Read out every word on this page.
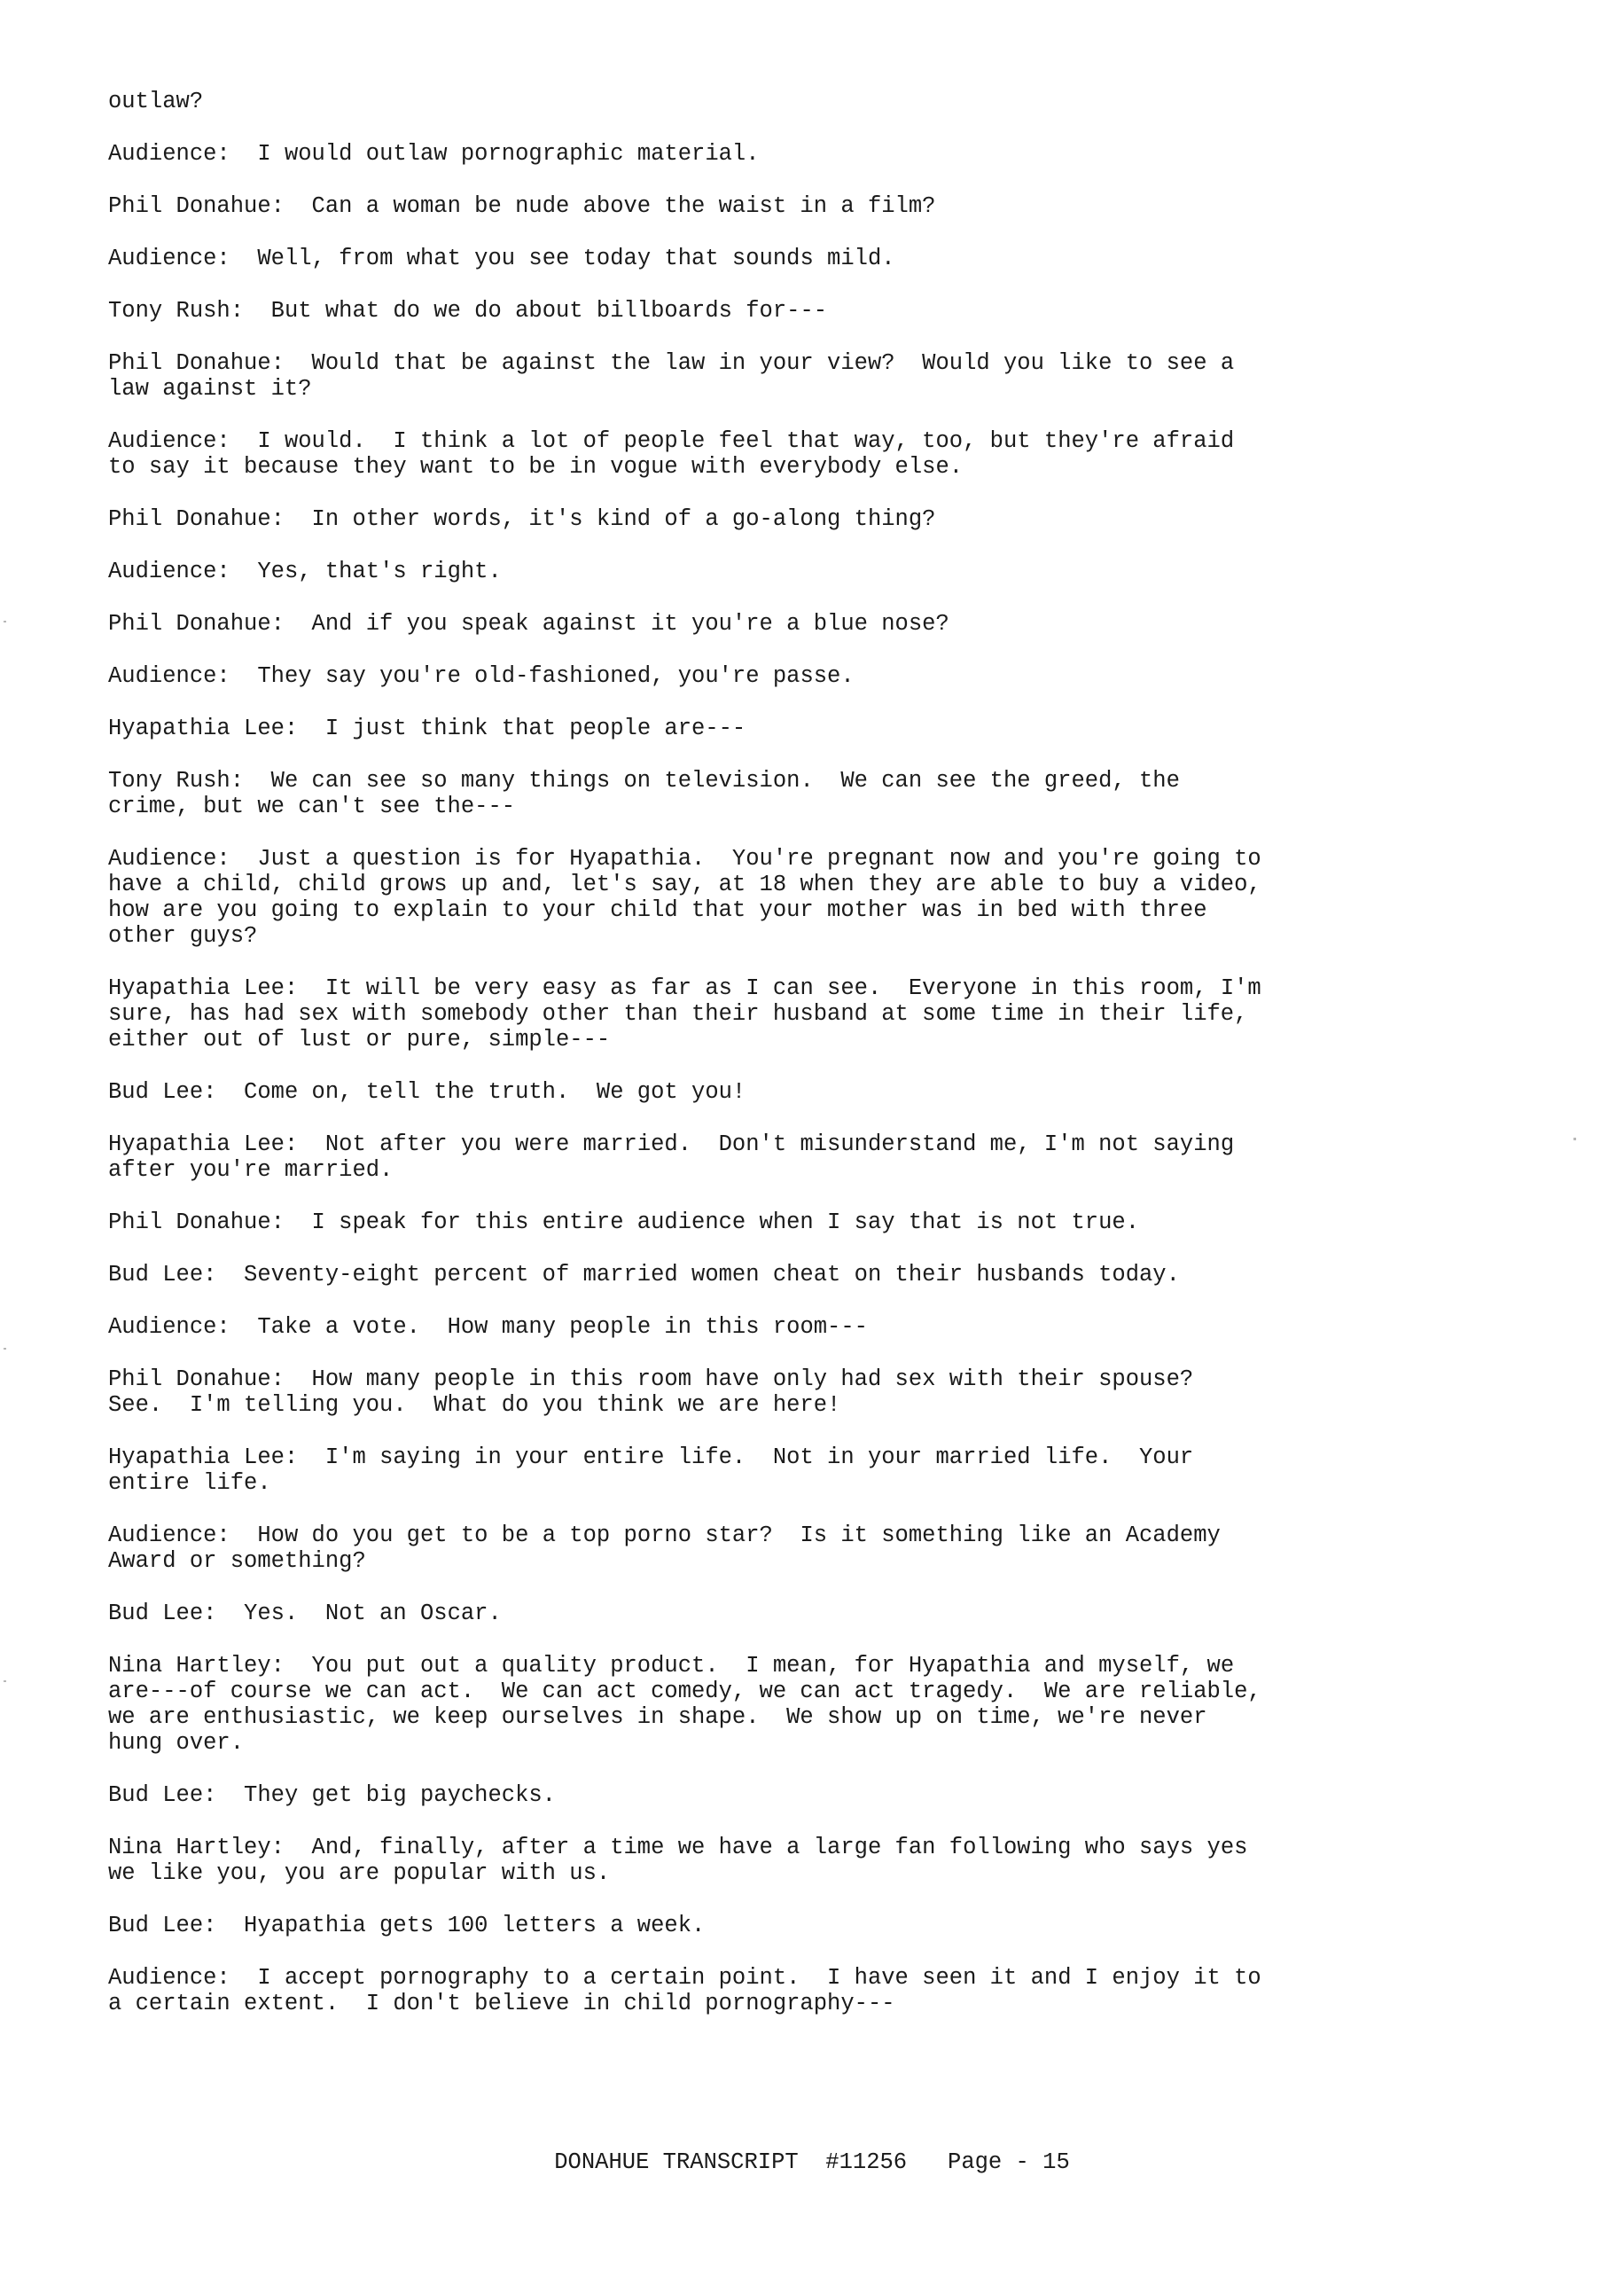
outlaw?

Audience: I would outlaw pornographic material.

Phil Donahue: Can a woman be nude above the waist in a film?

Audience: Well, from what you see today that sounds mild.

Tony Rush: But what do we do about billboards for---

Phil Donahue: Would that be against the law in your view?  Would you like to see a
law against it?

Audience: I would.  I think a lot of people feel that way, too, but they're afraid
to say it because they want to be in vogue with everybody else.

Phil Donahue: In other words, it's kind of a go-along thing?

Audience: Yes, that's right.

Phil Donahue: And if you speak against it you're a blue nose?

Audience: They say you're old-fashioned, you're passe.

Hyapathia Lee: I just think that people are---

Tony Rush: We can see so many things on television.  We can see the greed, the
crime, but we can't see the---

Audience: Just a question is for Hyapathia.  You're pregnant now and you're going to
have a child, child grows up and, let's say, at 18 when they are able to buy a video,
how are you going to explain to your child that your mother was in bed with three
other guys?

Hyapathia Lee: It will be very easy as far as I can see.  Everyone in this room, I'm
sure, has had sex with somebody other than their husband at some time in their life,
either out of lust or pure, simple---

Bud Lee: Come on, tell the truth.  We got you!

Hyapathia Lee: Not after you were married.  Don't misunderstand me, I'm not saying
after you're married.

Phil Donahue: I speak for this entire audience when I say that is not true.

Bud Lee: Seventy-eight percent of married women cheat on their husbands today.

Audience: Take a vote.  How many people in this room---

Phil Donahue: How many people in this room have only had sex with their spouse?
See.  I'm telling you.  What do you think we are here!

Hyapathia Lee: I'm saying in your entire life.  Not in your married life.  Your
entire life.

Audience: How do you get to be a top porno star?  Is it something like an Academy
Award or something?

Bud Lee: Yes.  Not an Oscar.

Nina Hartley: You put out a quality product.  I mean, for Hyapathia and myself, we
are---of course we can act.  We can act comedy, we can act tragedy.  We are reliable,
we are enthusiastic, we keep ourselves in shape.  We show up on time, we're never
hung over.

Bud Lee: They get big paychecks.

Nina Hartley: And, finally, after a time we have a large fan following who says yes
we like you, you are popular with us.

Bud Lee: Hyapathia gets 100 letters a week.

Audience: I accept pornography to a certain point.  I have seen it and I enjoy it to
a certain extent.  I don't believe in child pornography---

DONAHUE TRANSCRIPT  #11256   Page - 15
